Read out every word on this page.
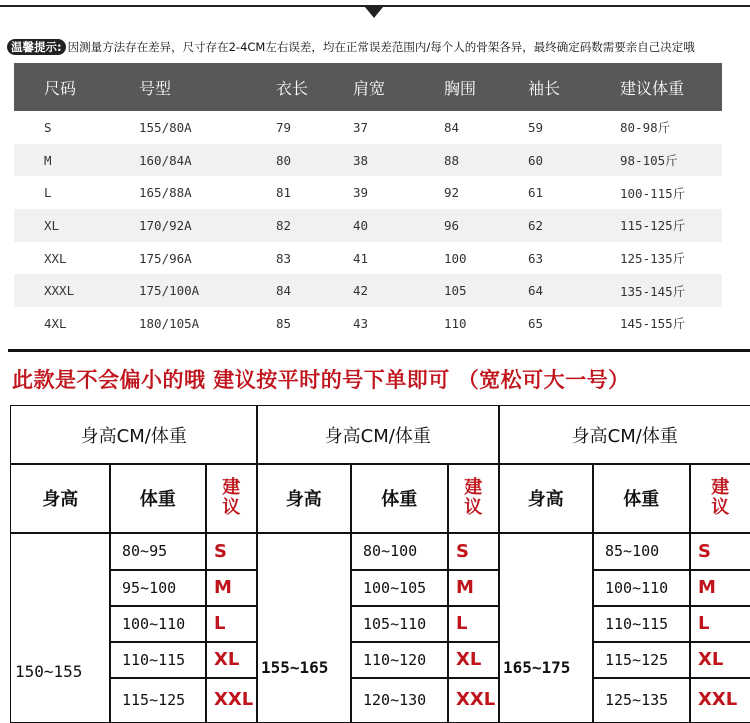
温馨提示: 因测量方法存在差异，尺寸存在2-4CM左右误差，均在正常误差范围内/每个人的骨架各异，最终确定码数需要亲自己决定哦
	尺码	号型	衣长	肩宽	胸围	袖长	建议体重
	S	155/80A	79	37	84	59	80-98斤
	M	160/84A	80	38	88	60	98-105斤
	L	165/88A	81	39	92	61	100-115斤
	XL	170/92A	82	40	96	62	115-125斤
	XXL	175/96A	83	41	100	63	125-135斤
	XXXL	175/100A	84	42	105	64	135-145斤
	4XL	180/105A	85	43	110	65	145-155斤
此款是不会偏小的哦 建议按平时的号下单即可 （宽松可大一号）
身高CM/体重
身高	体重
建
议
150~155
80~95	S
95~100	M
100~110	L
110~115	XL
115~125	XXL
身高CM/体重
身高	体重
建
议
155~165
80~100	S
100~105	M
105~110	L
110~120	XL
120~130	XXL
身高CM/体重
身高	体重
建
议
165~175
85~100	S
100~110	M
110~115	L
115~125	XL
125~135	XXL
